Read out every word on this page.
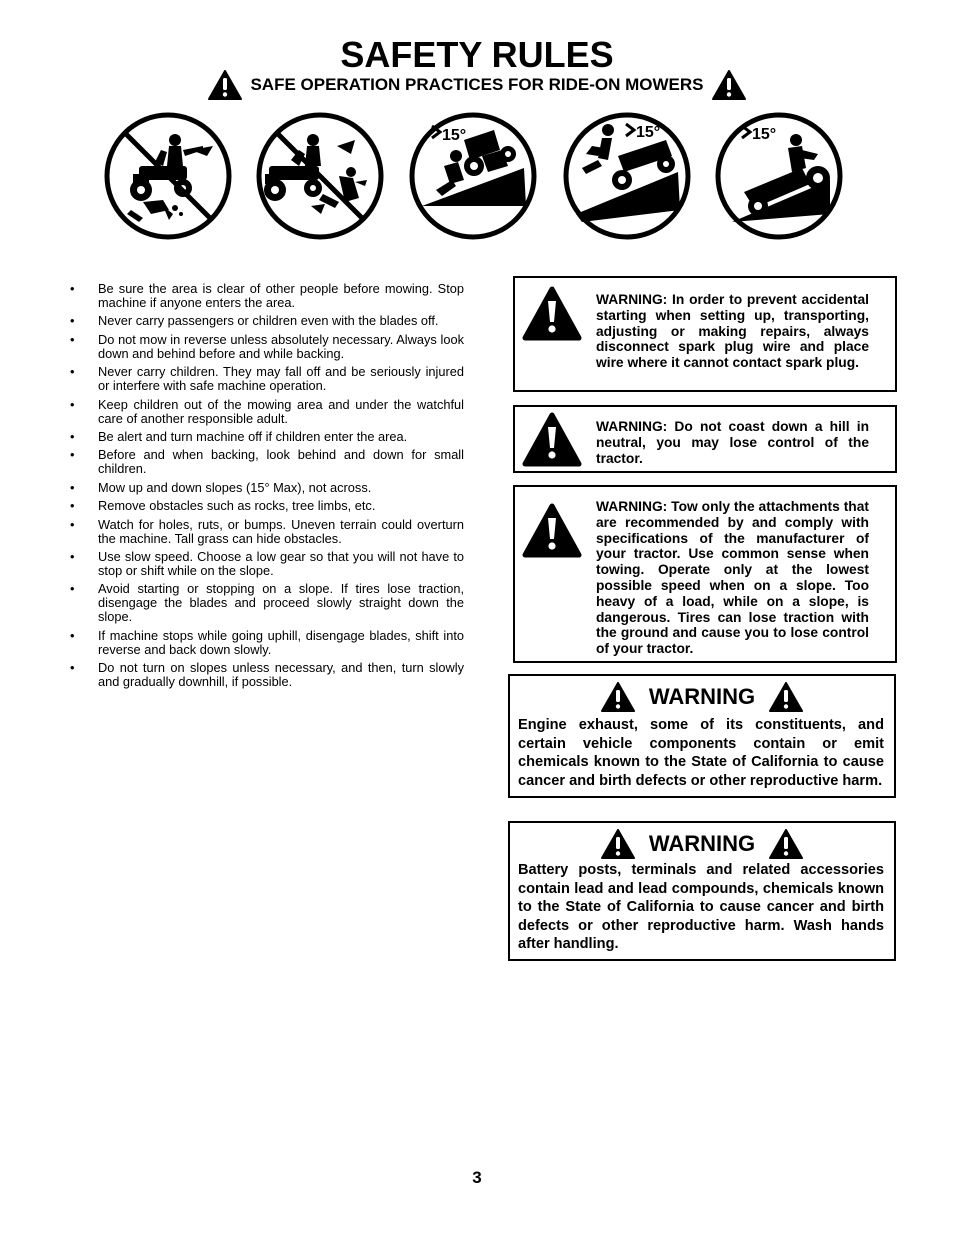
SAFETY RULES
SAFE OPERATION PRACTICES FOR RIDE-ON MOWERS
15°	15°	15°
• Be sure the area is clear of other people before mowing. Stop machine if anyone enters the area.
• Never carry passengers or children even with the blades off.
• Do not mow in reverse unless absolutely necessary. Always look down and behind before and while backing.
• Never carry children. They may fall off and be seriously injured or interfere with safe machine operation.
• Keep children out of the mowing area and under the watchful care of another responsible adult.
• Be alert and turn machine off if children enter the area.
• Before and when backing, look behind and down for small children.
• Mow up and down slopes (15° Max), not across.
• Remove obstacles such as rocks, tree limbs, etc.
• Watch for holes, ruts, or bumps. Uneven terrain could overturn the machine. Tall grass can hide obstacles.
• Use slow speed. Choose a low gear so that you will not have to stop or shift while on the slope.
• Avoid starting or stopping on a slope. If tires lose traction, disengage the blades and proceed slowly straight down the slope.
• If machine stops while going uphill, disengage blades, shift into reverse and back down slowly.
• Do not turn on slopes unless necessary, and then, turn slowly and gradually downhill, if possible.
WARNING: In order to prevent accidental starting when setting up, transporting, adjusting or making repairs, always disconnect spark plug wire and place wire where it cannot contact spark plug.
WARNING: Do not coast down a hill in neutral, you may lose control of the tractor.
WARNING: Tow only the attachments that are recommended by and comply with specifications of the manufacturer of your tractor. Use common sense when towing. Operate only at the lowest possible speed when on a slope. Too heavy of a load, while on a slope, is dangerous. Tires can lose traction with the ground and cause you to lose control of your tractor.
WARNING
Engine exhaust, some of its constituents, and certain vehicle components contain or emit chemicals known to the State of California to cause cancer and birth defects or other reproductive harm.
WARNING
Battery posts, terminals and related accessories contain lead and lead compounds, chemicals known to the State of California to cause cancer and birth defects or other reproductive harm. Wash hands after handling.
3
